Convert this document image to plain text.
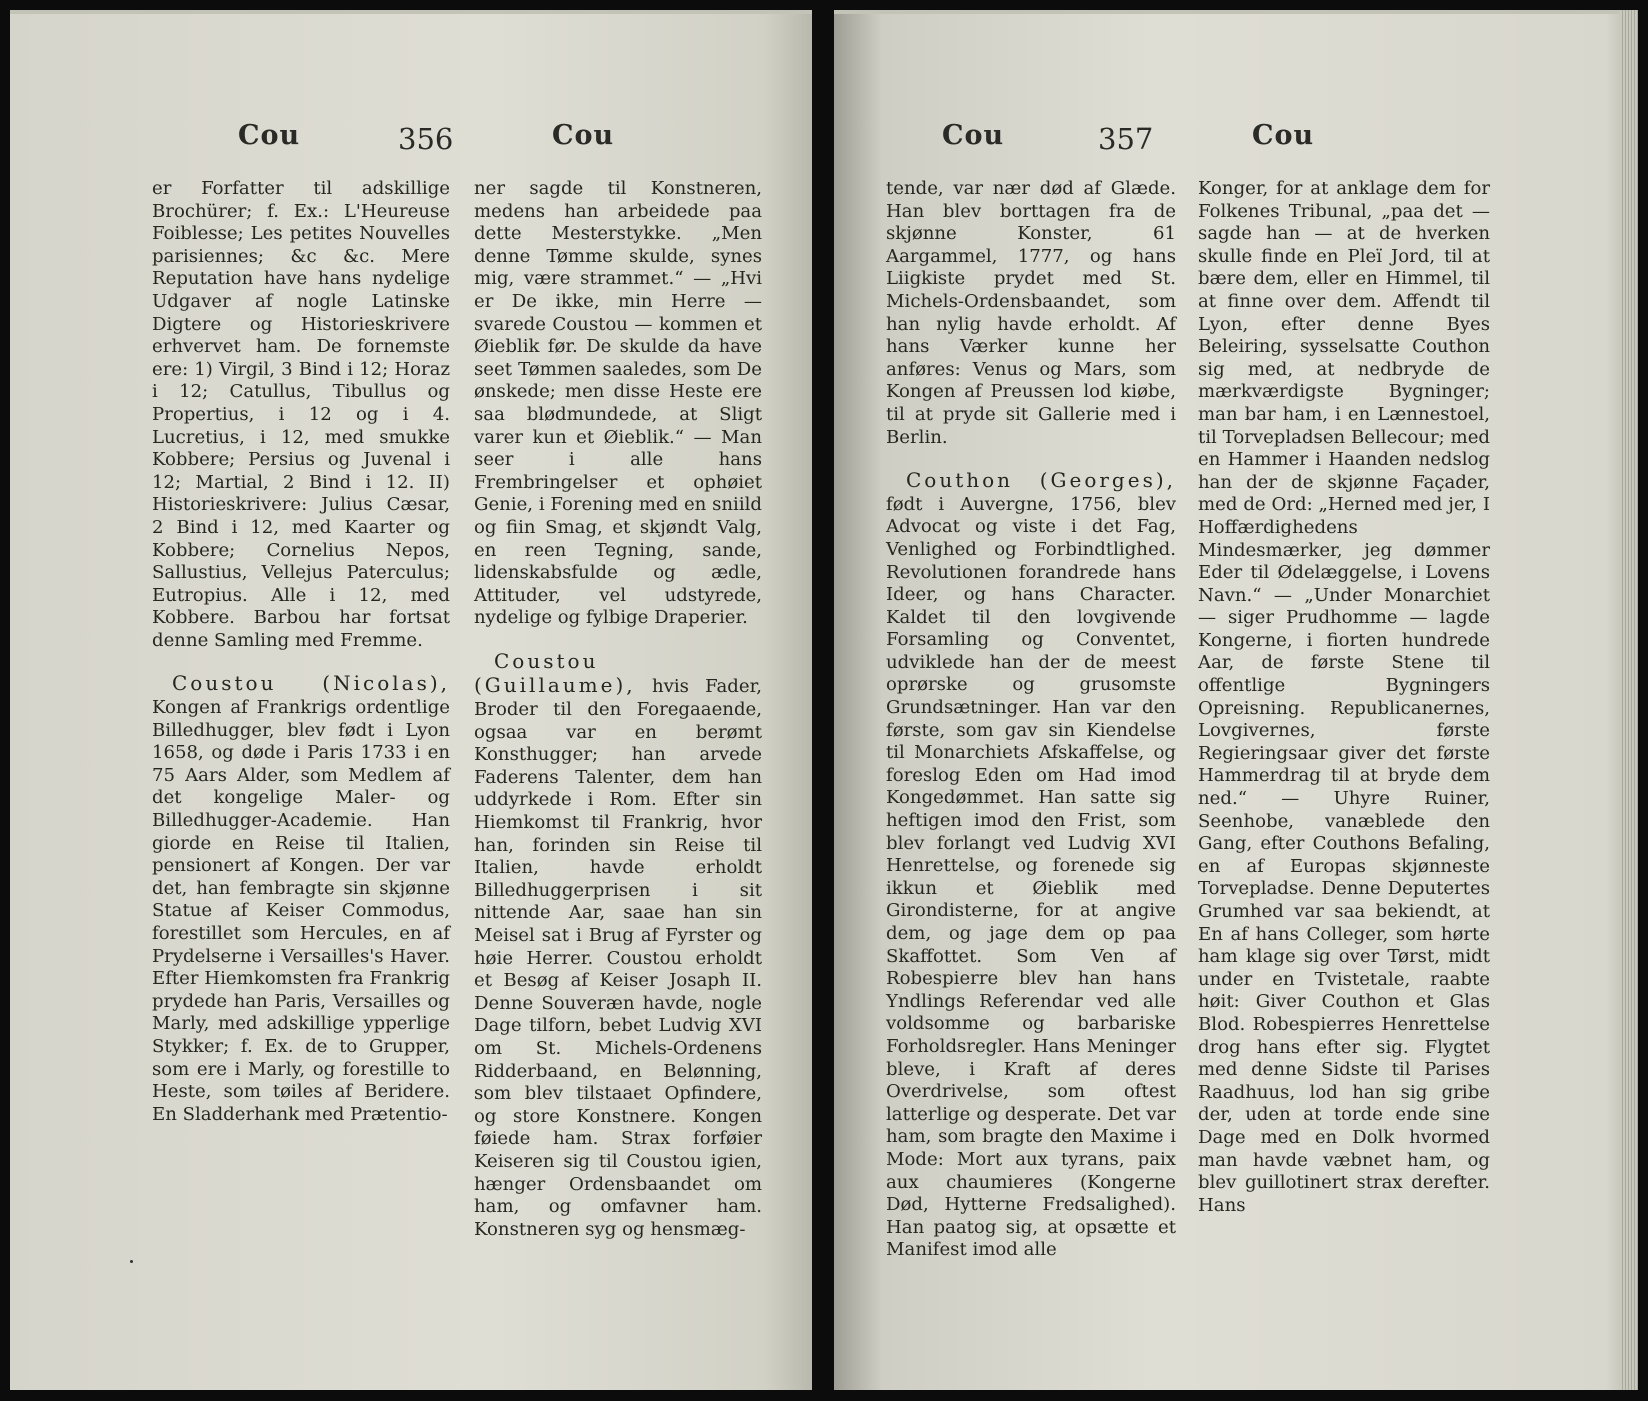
Cou	356	Cou

er Forfatter til adskillige Brochürer; f. Ex.: L'Heureuse Foiblesse; Les petites Nouvelles parisiennes; &c &c. Mere Reputation have hans nydelige Udgaver af nogle Latinske Digtere og Historieskrivere erhvervet ham. De fornemste ere: 1) Virgil, 3 Bind i 12; Horaz i 12; Catullus, Tibullus og Propertius, i 12 og i 4. Lucretius, i 12, med smukke Kobbere; Persius og Juvenal i 12; Martial, 2 Bind i 12. II) Historieskrivere: Julius Cæsar, 2 Bind i 12, med Kaarter og Kobbere; Cornelius Nepos, Sallustius, Vellejus Paterculus; Eutropius. Alle i 12, med Kobbere. Barbou har fortsat denne Samling med Fremme.

Coustou (Nicolas), Kongen af Frankrigs ordentlige Billedhugger, blev født i Lyon 1658, og døde i Paris 1733 i en 75 Aars Alder, som Medlem af det kongelige Maler- og Billedhugger-Academie. Han giorde en Reise til Italien, pensionert af Kongen. Der var det, han fembragte sin skjønne Statue af Keiser Commodus, forestillet som Hercules, en af Prydelserne i Versailles's Haver. Efter Hiemkomsten fra Frankrig prydede han Paris, Versailles og Marly, med adskillige ypperlige Stykker; f. Ex. de to Grupper, som ere i Marly, og forestille to Heste, som tøiles af Beridere. En Sladderhank med Prætentio-

ner sagde til Konstneren, medens han arbeidede paa dette Mesterstykke. „Men denne Tømme skulde, synes mig, være strammet.“ — „Hvi er De ikke, min Herre — svarede Coustou — kommen et Øieblik før. De skulde da have seet Tømmen saaledes, som De ønskede; men disse Heste ere saa blødmundede, at Sligt varer kun et Øieblik.“ — Man seer i alle hans Frembringelser et ophøiet Genie, i Forening med en sniild og fiin Smag, et skjøndt Valg, en reen Tegning, sande, lidenskabsfulde og ædle, Attituder, vel udstyrede, nydelige og fylbige Draperier.

Coustou (Guillaume), hvis Fader, Broder til den Foregaaende, ogsaa var en berømt Konsthugger; han arvede Faderens Talenter, dem han uddyrkede i Rom. Efter sin Hiemkomst til Frankrig, hvor han, forinden sin Reise til Italien, havde erholdt Billedhuggerprisen i sit nittende Aar, saae han sin Meisel sat i Brug af Fyrster og høie Herrer. Coustou erholdt et Besøg af Keiser Josaph II. Denne Souveræn havde, nogle Dage tilforn, bebet Ludvig XVI om St. Michels-Ordenens Ridderbaand, en Belønning, som blev tilstaaet Opfindere, og store Konstnere. Kongen føiede ham. Strax forføier Keiseren sig til Coustou igien, hænger Ordensbaandet om ham, og omfavner ham. Konstneren syg og hensmæg-

Cou	357	Cou

tende, var nær død af Glæde. Han blev borttagen fra de skjønne Konster, 61 Aargammel, 1777, og hans Liigkiste prydet med St. Michels-Ordensbaandet, som han nylig havde erholdt. Af hans Værker kunne her anføres: Venus og Mars, som Kongen af Preussen lod kiøbe, til at pryde sit Gallerie med i Berlin.

Couthon (Georges), født i Auvergne, 1756, blev Advocat og viste i det Fag, Venlighed og Forbindtlighed. Revolutionen forandrede hans Ideer, og hans Character. Kaldet til den lovgivende Forsamling og Conventet, udviklede han der de meest oprørske og grusomste Grundsætninger. Han var den første, som gav sin Kiendelse til Monarchiets Afskaffelse, og foreslog Eden om Had imod Kongedømmet. Han satte sig heftigen imod den Frist, som blev forlangt ved Ludvig XVI Henrettelse, og forenede sig ikkun et Øieblik med Girondisterne, for at angive dem, og jage dem op paa Skaffottet. Som Ven af Robespierre blev han hans Yndlings Referendar ved alle voldsomme og barbariske Forholdsregler. Hans Meninger bleve, i Kraft af deres Overdrivelse, som oftest latterlige og desperate. Det var ham, som bragte den Maxime i Mode: Mort aux tyrans, paix aux chaumieres (Kongerne Død, Hytterne Fredsalighed). Han paatog sig, at opsætte et Manifest imod alle

Konger, for at anklage dem for Folkenes Tribunal, „paa det — sagde han — at de hverken skulle finde en Pleï Jord, til at bære dem, eller en Himmel, til at finne over dem. Affendt til Lyon, efter denne Byes Beleiring, sysselsatte Couthon sig med, at nedbryde de mærkværdigste Bygninger; man bar ham, i en Lænnestoel, til Torvepladsen Bellecour; med en Hammer i Haanden nedslog han der de skjønne Façader, med de Ord: „Herned med jer, I Hoffærdighedens Mindesmærker, jeg dømmer Eder til Ødelæggelse, i Lovens Navn.“ — „Under Monarchiet — siger Prudhomme — lagde Kongerne, i fiorten hundrede Aar, de første Stene til offentlige Bygningers Opreisning. Republicanernes, Lovgivernes, første Regieringsaar giver det første Hammerdrag til at bryde dem ned.“ — Uhyre Ruiner, Seenhobe, vanæblede den Gang, efter Couthons Befaling, en af Europas skjønneste Torvepladse. Denne Deputertes Grumhed var saa bekiendt, at En af hans Colleger, som hørte ham klage sig over Tørst, midt under en Tvistetale, raabte høit: Giver Couthon et Glas Blod. Robespierres Henrettelse drog hans efter sig. Flygtet med denne Sidste til Parises Raadhuus, lod han sig gribe der, uden at torde ende sine Dage med en Dolk hvormed man havde væbnet ham, og blev guillotinert strax derefter. Hans
